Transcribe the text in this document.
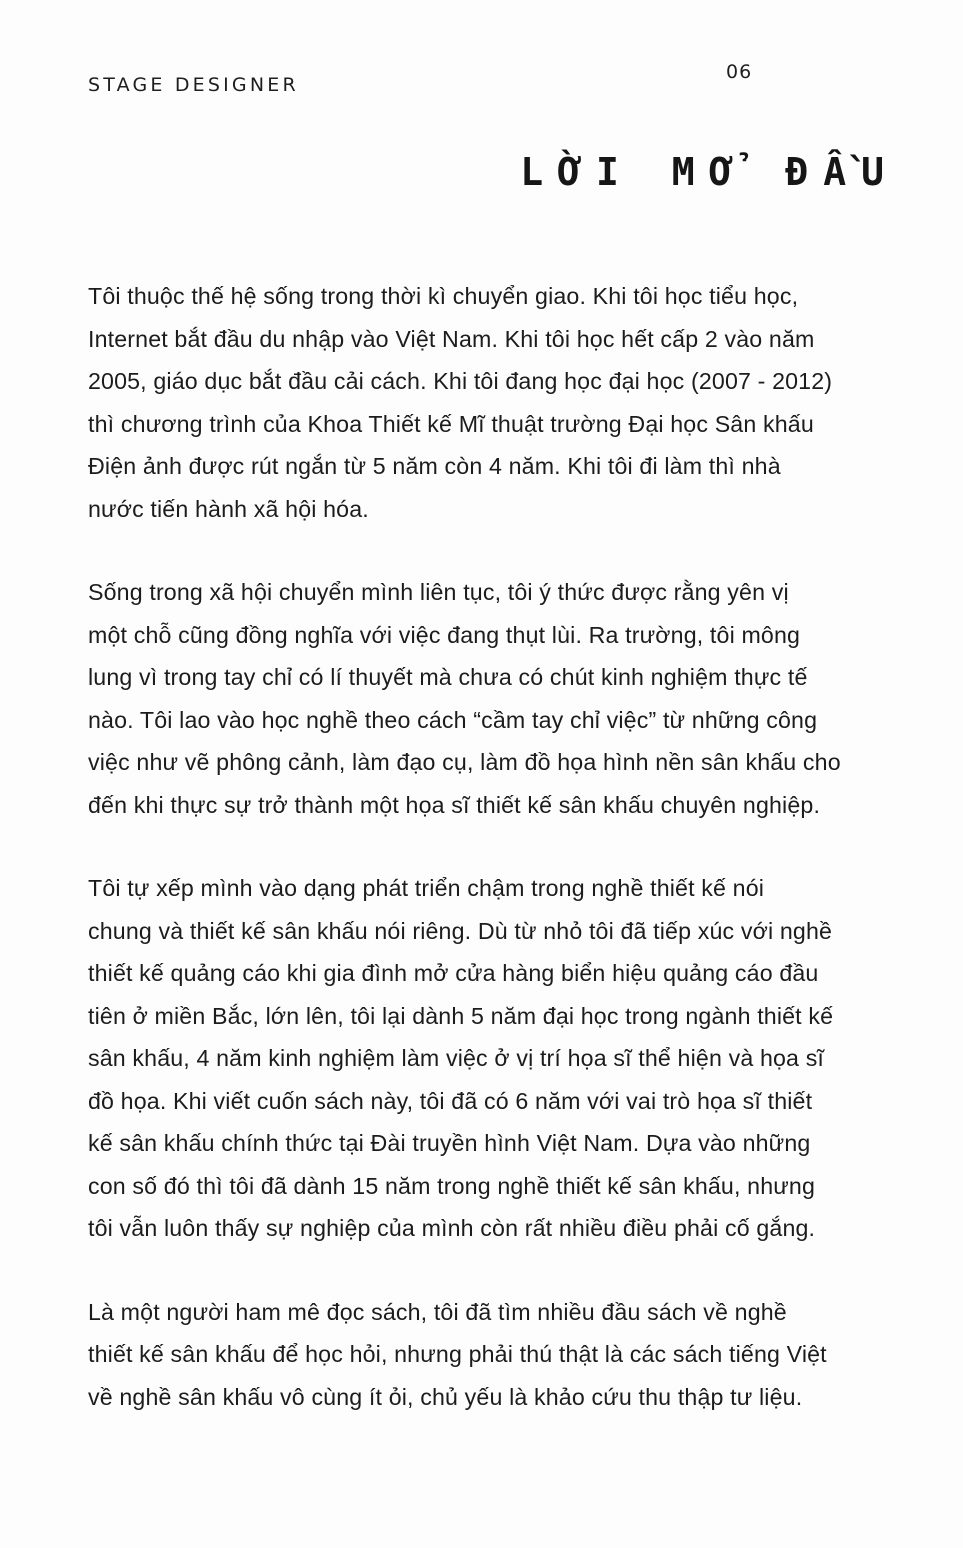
STAGE DESIGNER
06
LỜI MỞ ĐẦU

Tôi thuộc thế hệ sống trong thời kì chuyển giao. Khi tôi học tiểu học,
Internet bắt đầu du nhập vào Việt Nam. Khi tôi học hết cấp 2 vào năm
2005, giáo dục bắt đầu cải cách. Khi tôi đang học đại học (2007 - 2012)
thì chương trình của Khoa Thiết kế Mĩ thuật trường Đại học Sân khấu
Điện ảnh được rút ngắn từ 5 năm còn 4 năm. Khi tôi đi làm thì nhà
nước tiến hành xã hội hóa.

Sống trong xã hội chuyển mình liên tục, tôi ý thức được rằng yên vị
một chỗ cũng đồng nghĩa với việc đang thụt lùi. Ra trường, tôi mông
lung vì trong tay chỉ có lí thuyết mà chưa có chút kinh nghiệm thực tế
nào. Tôi lao vào học nghề theo cách “cầm tay chỉ việc” từ những công
việc như vẽ phông cảnh, làm đạo cụ, làm đồ họa hình nền sân khấu cho
đến khi thực sự trở thành một họa sĩ thiết kế sân khấu chuyên nghiệp.

Tôi tự xếp mình vào dạng phát triển chậm trong nghề thiết kế nói
chung và thiết kế sân khấu nói riêng. Dù từ nhỏ tôi đã tiếp xúc với nghề
thiết kế quảng cáo khi gia đình mở cửa hàng biển hiệu quảng cáo đầu
tiên ở miền Bắc, lớn lên, tôi lại dành 5 năm đại học trong ngành thiết kế
sân khấu, 4 năm kinh nghiệm làm việc ở vị trí họa sĩ thể hiện và họa sĩ
đồ họa. Khi viết cuốn sách này, tôi đã có 6 năm với vai trò họa sĩ thiết
kế sân khấu chính thức tại Đài truyền hình Việt Nam. Dựa vào những
con số đó thì tôi đã dành 15 năm trong nghề thiết kế sân khấu, nhưng
tôi vẫn luôn thấy sự nghiệp của mình còn rất nhiều điều phải cố gắng.

Là một người ham mê đọc sách, tôi đã tìm nhiều đầu sách về nghề
thiết kế sân khấu để học hỏi, nhưng phải thú thật là các sách tiếng Việt
về nghề sân khấu vô cùng ít ỏi, chủ yếu là khảo cứu thu thập tư liệu.
